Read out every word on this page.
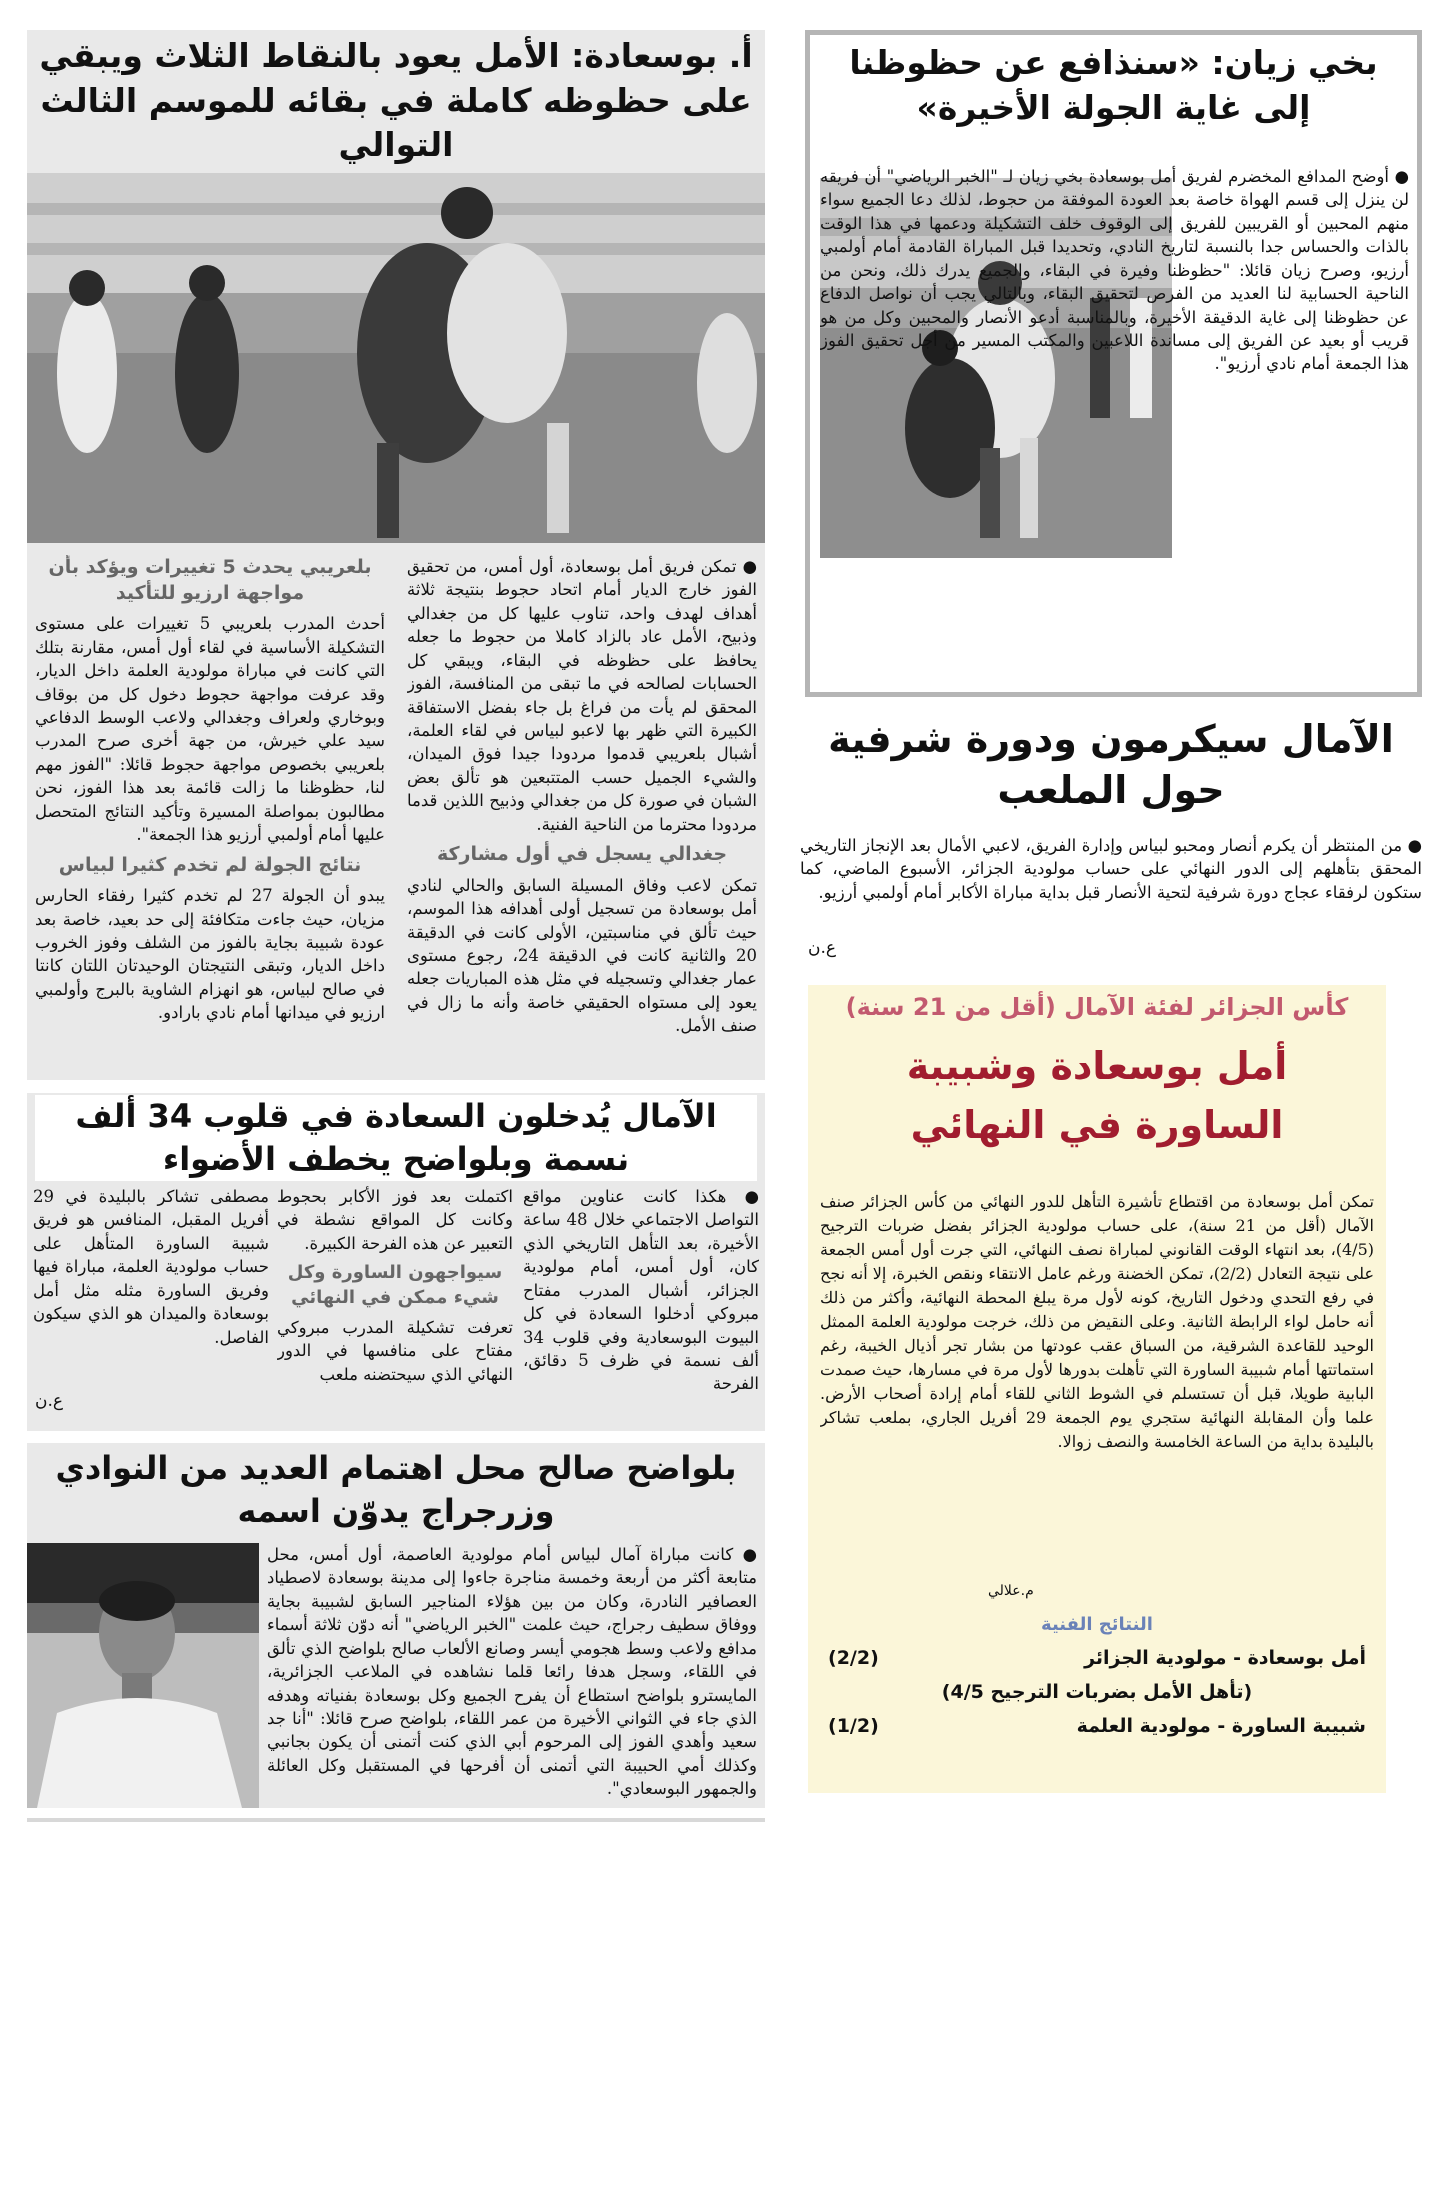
بخي زيان: «سنذافع عن حظوظنا إلى غاية الجولة الأخيرة»

● أوضح المدافع المخضرم لفريق أمل بوسعادة بخي زيان لـ "الخبر الرياضي" أن فريقه لن ينزل إلى قسم الهواة خاصة بعد العودة الموفقة من حجوط، لذلك دعا الجميع سواء منهم المحبين أو القريبين للفريق إلى الوقوف خلف التشكيلة ودعمها في هذا الوقت بالذات والحساس جدا بالنسبة لتاريخ النادي، وتحديدا قبل المباراة القادمة أمام أولمبي أرزيو، وصرح زيان قائلا: "حظوظنا وفيرة في البقاء، والجميع يدرك ذلك، ونحن من الناحية الحسابية لنا العديد من الفرص لتحقيق البقاء، وبالتالي يجب أن نواصل الدفاع عن حظوظنا إلى غاية الدقيقة الأخيرة، وبالمناسبة أدعو الأنصار والمحبين وكل من هو قريب أو بعيد عن الفريق إلى مساندة اللاعبين والمكتب المسير من أجل تحقيق الفوز هذا الجمعة أمام نادي أرزيو".

أ. بوسعادة: الأمل يعود بالنقاط الثلاث ويبقي على حظوظه كاملة في بقائه للموسم الثالث التوالي

● تمكن فريق أمل بوسعادة، أول أمس، من تحقيق الفوز خارج الديار أمام اتحاد حجوط بنتيجة ثلاثة أهداف لهدف واحد، تناوب عليها كل من جغدالي وذبيح، الأمل عاد بالزاد كاملا من حجوط ما جعله يحافظ على حظوظه في البقاء، ويبقي كل الحسابات لصالحه في ما تبقى من المنافسة، الفوز المحقق لم يأت من فراغ بل جاء بفضل الاستفاقة الكبيرة التي ظهر بها لاعبو لبياس في لقاء العلمة، أشبال بلعريبي قدموا مردودا جيدا فوق الميدان، والشيء الجميل حسب المتتبعين هو تألق بعض الشبان في صورة كل من جغدالي وذبيح اللذين قدما مردودا محترما من الناحية الفنية.

جغدالي يسجل في أول مشاركة

تمكن لاعب وفاق المسيلة السابق والحالي لنادي أمل بوسعادة من تسجيل أولى أهدافه هذا الموسم، حيث تألق في مناسبتين، الأولى كانت في الدقيقة 20 والثانية كانت في الدقيقة 24، رجوع مستوى عمار جغدالي وتسجيله في مثل هذه المباريات جعله يعود إلى مستواه الحقيقي خاصة وأنه ما زال في صنف الأمل.

بلعريبي يحدث 5 تغييرات ويؤكد بأن مواجهة ارزيو للتأكيد

أحدث المدرب بلعريبي 5 تغييرات على مستوى التشكيلة الأساسية في لقاء أول أمس، مقارنة بتلك التي كانت في مباراة مولودية العلمة داخل الديار، وقد عرفت مواجهة حجوط دخول كل من بوقاف وبوخاري ولعراف وجغدالي ولاعب الوسط الدفاعي سيد علي خيرش، من جهة أخرى صرح المدرب بلعريبي بخصوص مواجهة حجوط قائلا: "الفوز مهم لنا، حظوظنا ما زالت قائمة بعد هذا الفوز، نحن مطالبون بمواصلة المسيرة وتأكيد النتائج المتحصل عليها أمام أولمبي أرزيو هذا الجمعة".

نتائج الجولة لم تخدم كثيرا لبياس

يبدو أن الجولة 27 لم تخدم كثيرا رفقاء الحارس مزيان، حيث جاءت متكافئة إلى حد بعيد، خاصة بعد عودة شبيبة بجاية بالفوز من الشلف وفوز الخروب داخل الديار، وتبقى النتيجتان الوحيدتان اللتان كانتا في صالح لبياس، هو انهزام الشاوية بالبرج وأولمبي ارزيو في ميدانها أمام نادي بارادو.

الآمال سيكرمون ودورة شرفية حول الملعب

● من المنتظر أن يكرم أنصار ومحبو لبياس وإدارة الفريق، لاعبي الأمال بعد الإنجاز التاريخي المحقق بتأهلهم إلى الدور النهائي على حساب مولودية الجزائر، الأسبوع الماضي، كما ستكون لرفقاء عجاج دورة شرفية لتحية الأنصار قبل بداية مباراة الأكابر أمام أولمبي أرزيو.

ع.ن
كأس الجزائر لفئة الآمال (أقل من 21 سنة)
أمل بوسعادة وشبيبة الساورة في النهائي

تمكن أمل بوسعادة من اقتطاع تأشيرة التأهل للدور النهائي من كأس الجزائر صنف الآمال (أقل من 21 سنة)، على حساب مولودية الجزائر بفضل ضربات الترجيح (4/5)، بعد انتهاء الوقت القانوني لمباراة نصف النهائي، التي جرت أول أمس الجمعة على نتيجة التعادل (2/2)، تمكن الخضنة ورغم عامل الانتقاء ونقص الخبرة، إلا أنه نجح في رفع التحدي ودخول التاريخ، كونه لأول مرة يبلغ المحطة النهائية، وأكثر من ذلك أنه حامل لواء الرابطة الثانية. وعلى النقيض من ذلك، خرجت مولودية العلمة الممثل الوحيد للقاعدة الشرقية، من السباق عقب عودتها من بشار تجر أذيال الخيبة، رغم استماتتها أمام شبيبة الساورة التي تأهلت بدورها لأول مرة في مسارها، حيث صمدت البابية طويلا، قبل أن تستسلم في الشوط الثاني للقاء أمام إرادة أصحاب الأرض. علما وأن المقابلة النهائية ستجري يوم الجمعة 29 أفريل الجاري، بملعب تشاكر بالبليدة بداية من الساعة الخامسة والنصف زوالا.

م.علالي
النتائج الفنية
أمل بوسعادة - مولودية الجزائر
(2/2)
(تأهل الأمل بضربات الترجيح 4/5)
شبيبة الساورة - مولودية العلمة
(1/2)
الآمال يُدخلون السعادة في قلوب 34 ألف نسمة وبلواضح يخطف الأضواء

● هكذا كانت عناوين مواقع التواصل الاجتماعي خلال 48 ساعة الأخيرة، بعد التأهل التاريخي الذي كان، أول أمس، أمام مولودية الجزائر، أشبال المدرب مفتاح مبروكي أدخلوا السعادة في كل البيوت البوسعادية وفي قلوب 34 ألف نسمة في ظرف 5 دقائق، الفرحة

اكتملت بعد فوز الأكابر بحجوط وكانت كل المواقع نشطة في التعبير عن هذه الفرحة الكبيرة.

سيواجهون الساورة وكل شيء ممكن في النهائي

تعرفت تشكيلة المدرب مبروكي مفتاح على منافسها في الدور النهائي الذي سيحتضنه ملعب

مصطفى تشاكر بالبليدة في 29 أفريل المقبل، المنافس هو فريق شبيبة الساورة المتأهل على حساب مولودية العلمة، مباراة فيها وفريق الساورة مثله مثل أمل بوسعادة والميدان هو الذي سيكون الفاصل.

ع.ن
بلواضح صالح محل اهتمام العديد من النوادي وزرجراج يدوّن اسمه

● كانت مباراة آمال لبياس أمام مولودية العاصمة، أول أمس، محل متابعة أكثر من أربعة وخمسة مناجرة جاءوا إلى مدينة بوسعادة لاصطياد العصافير النادرة، وكان من بين هؤلاء المناجير السابق لشبيبة بجاية ووفاق سطيف رجراج، حيث علمت "الخبر الرياضي" أنه دوّن ثلاثة أسماء مدافع ولاعب وسط هجومي أيسر وصانع الألعاب صالح بلواضح الذي تألق في اللقاء، وسجل هدفا رائعا قلما نشاهده في الملاعب الجزائرية، المايسترو بلواضح استطاع أن يفرح الجميع وكل بوسعادة بفنياته وهدفه الذي جاء في الثواني الأخيرة من عمر اللقاء، بلواضح صرح قائلا: "أنا جد سعيد وأهدي الفوز إلى المرحوم أبي الذي كنت أتمنى أن يكون بجانبي وكذلك أمي الحبيبة التي أتمنى أن أفرحها في المستقبل وكل العائلة والجمهور البوسعادي".
